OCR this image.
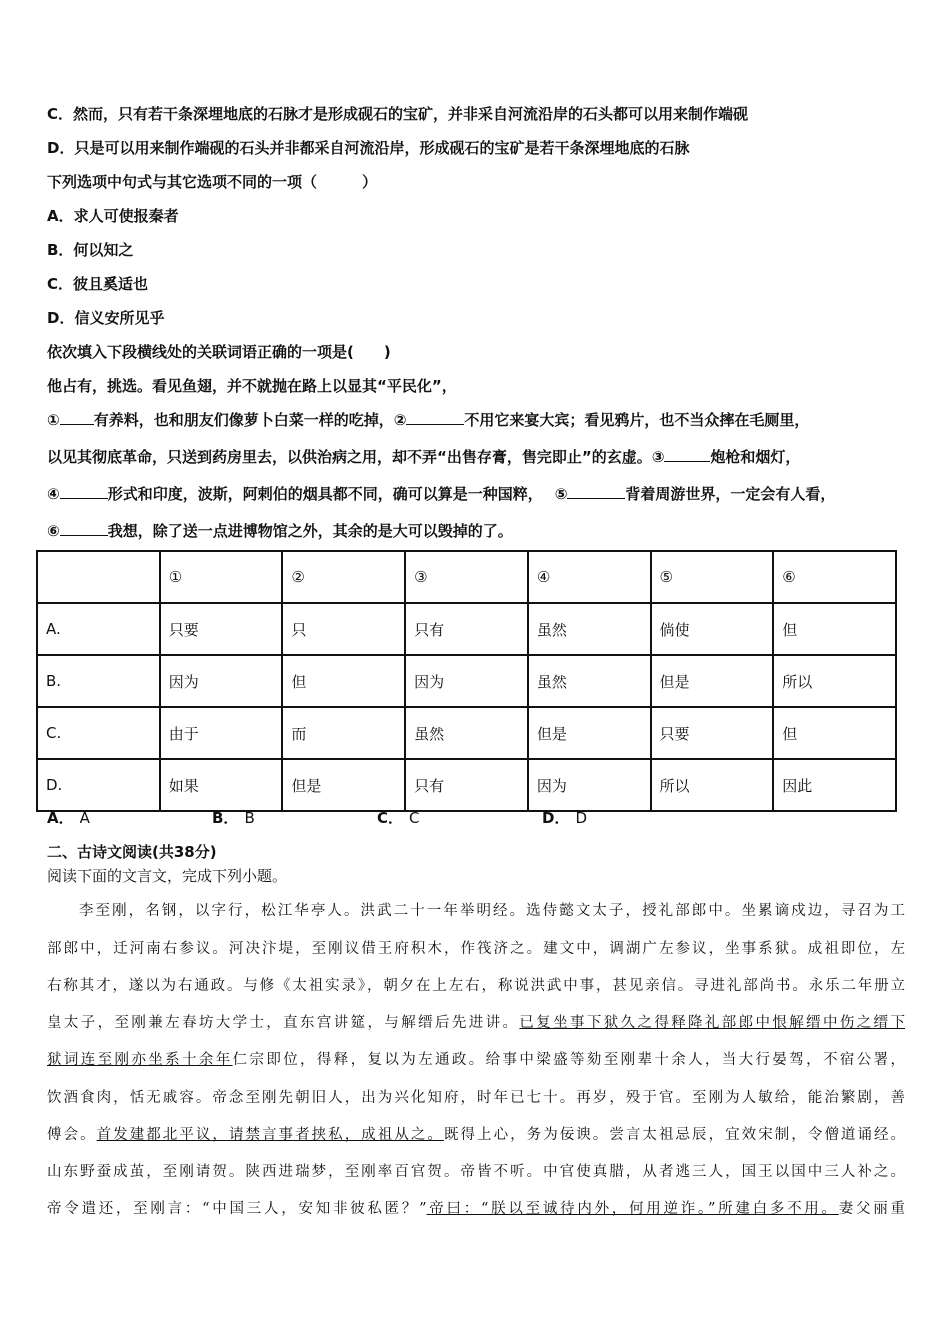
C．然而，只有若干条深埋地底的石脉才是形成砚石的宝矿，并非采自河流沿岸的石头都可以用来制作端砚
D．只是可以用来制作端砚的石头并非都采自河流沿岸，形成砚石的宝矿是若干条深埋地底的石脉
下列选项中句式与其它选项不同的一项（　　　）
A．求人可使报秦者
B．何以知之
C．彼且奚适也
D．信义安所见乎
依次填入下段横线处的关联词语正确的一项是(　　)
他占有，挑选。看见鱼翅，并不就抛在路上以显其“平民化”，
① 有养料，也和朋友们像萝卜白菜一样的吃掉，②	不用它来宴大宾；看见鸦片，也不当众摔在毛厕里，
以见其彻底革命，只送到药房里去，以供治病之用，却不弄“出售存膏，售完即止”的玄虚。③	炮枪和烟灯，
④	形式和印度，波斯，阿剌伯的烟具都不同，确可以算是一种国粹， ⑤	背着周游世界，一定会有人看，
⑥	我想，除了送一点进博物馆之外，其余的是大可以毁掉的了。
	①	②	③	④	⑤	⑥
A.	只要	只	只有	虽然	倘使	但
B.	因为	但	因为	虽然	但是	所以
C.	由于	而	虽然	但是	只要	但
D.	如果	但是	只有	因为	所以	因此
A． A	B． B	C． C	D． D
二、古诗文阅读(共38分)
阅读下面的文言文，完成下列小题。
李至刚，名钢，以字行，松江华亭人。洪武二十一年举明经。选侍懿文太子，授礼部郎中。坐累谪戍边，寻召为工
部郎中，迁河南右参议。河决汴堤，至刚议借王府积木，作筏济之。建文中，调湖广左参议，坐事系狱。成祖即位，左
右称其才，遂以为右通政。与修《太祖实录》，朝夕在上左右，称说洪武中事，甚见亲信。寻进礼部尚书。永乐二年册立
皇太子，至刚兼左春坊大学士，直东宫讲筵，与解缙后先进讲。已复坐事下狱久之得释降礼部郎中恨解缙中伤之缙下
狱词连至刚亦坐系十余年仁宗即位，得释，复以为左通政。给事中梁盛等劾至刚辈十余人，当大行晏驾，不宿公署，
饮酒食肉，恬无戚容。帝念至刚先朝旧人，出为兴化知府，时年已七十。再岁，殁于官。至刚为人敏给，能治繁剧，善
傅会。首发建都北平议，请禁言事者挟私，成祖从之。既得上心，务为佞谀。尝言太祖忌辰，宜效宋制，令僧道诵经。
山东野蚕成茧，至刚请贺。陕西进瑞梦，至刚率百官贺。帝皆不听。中官使真腊，从者逃三人，国王以国中三人补之。
帝令遣还，至刚言：“中国三人，安知非彼私匿？”帝曰：“朕以至诚待内外，何用逆诈。”所建白多不用。妻父丽重
